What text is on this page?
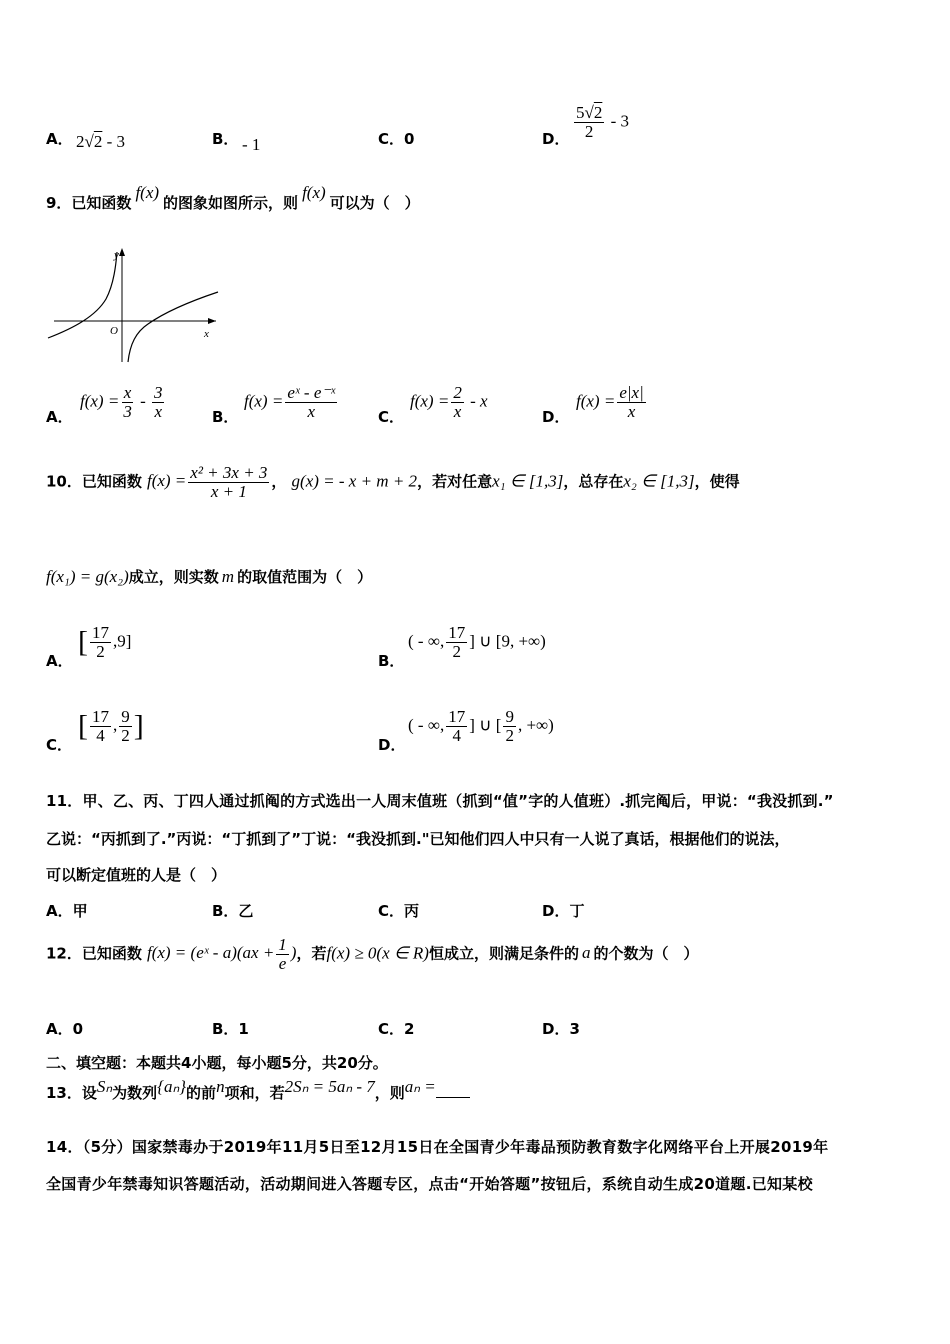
A． 2√2 - 3	B． - 1	C．0	D． $\frac{5√2}{2} - 3$
9．已知函数f(x)的图象如图所示，则f(x)可以为（　）
y
x
O
A．
$f(x) = \frac{x}{3} - \frac{3}{x}$	B．
$f(x) = \frac{\text{eˣ - e⁻ˣ}}{x}$	C．
$f(x) = \frac{2}{x} - x$
D．
$f(x) = \frac{e|x|}{x}$
10．已知函数 $f(x) = \frac{\text{x² + 3x + 3}}{x + 1}$ ， g(x) = - x + m + 2，若对任意x₁ ∈ [1,3]，总存在x₂ ∈ [1,3]，使得
f(x₁) = g(x₂)成立，则实数 m 的取值范围为（　）
A．
[ $\frac{17}{2} ,9$]
B．
( - ∞, $\frac{17}{2}$ ] ∪ [9, +∞)
C．
[ $\frac{17}{4}$ , $\frac{9}{2}$ ]
D．
( - ∞, $\frac{17}{4}$ ] ∪ [ $\frac{9}{2}$ , +∞)
11．甲、乙、丙、丁四人通过抓阄的方式选出一人周末值班（抓到“值”字的人值班）.抓完阄后，甲说：“我没抓到.”
乙说：“丙抓到了.”丙说：“丁抓到了”丁说：“我没抓到."已知他们四人中只有一人说了真话，根据他们的说法，
可以断定值班的人是（　）
A．甲	B．乙	C．丙	D．丁
12．已知函数 f(x) = (eˣ - $a)(ax + \frac{1}{e}$ )，若f(x) ≥ 0(x ∈ R)恒成立，则满足条件的 a 的个数为（　）
A．0	B．1	C．2	D．3
二、填空题：本题共4小题，每小题5分，共20分。
13．设Sₙ为数列{aₙ}的前n项和，若2Sₙ = 5aₙ - 7，则aₙ =
14．（5分）国家禁毒办于2019年11月5日至12月15日在全国青少年毒品预防教育数字化网络平台上开展2019年
全国青少年禁毒知识答题活动，活动期间进入答题专区，点击“开始答题”按钮后，系统自动生成20道题.已知某校
